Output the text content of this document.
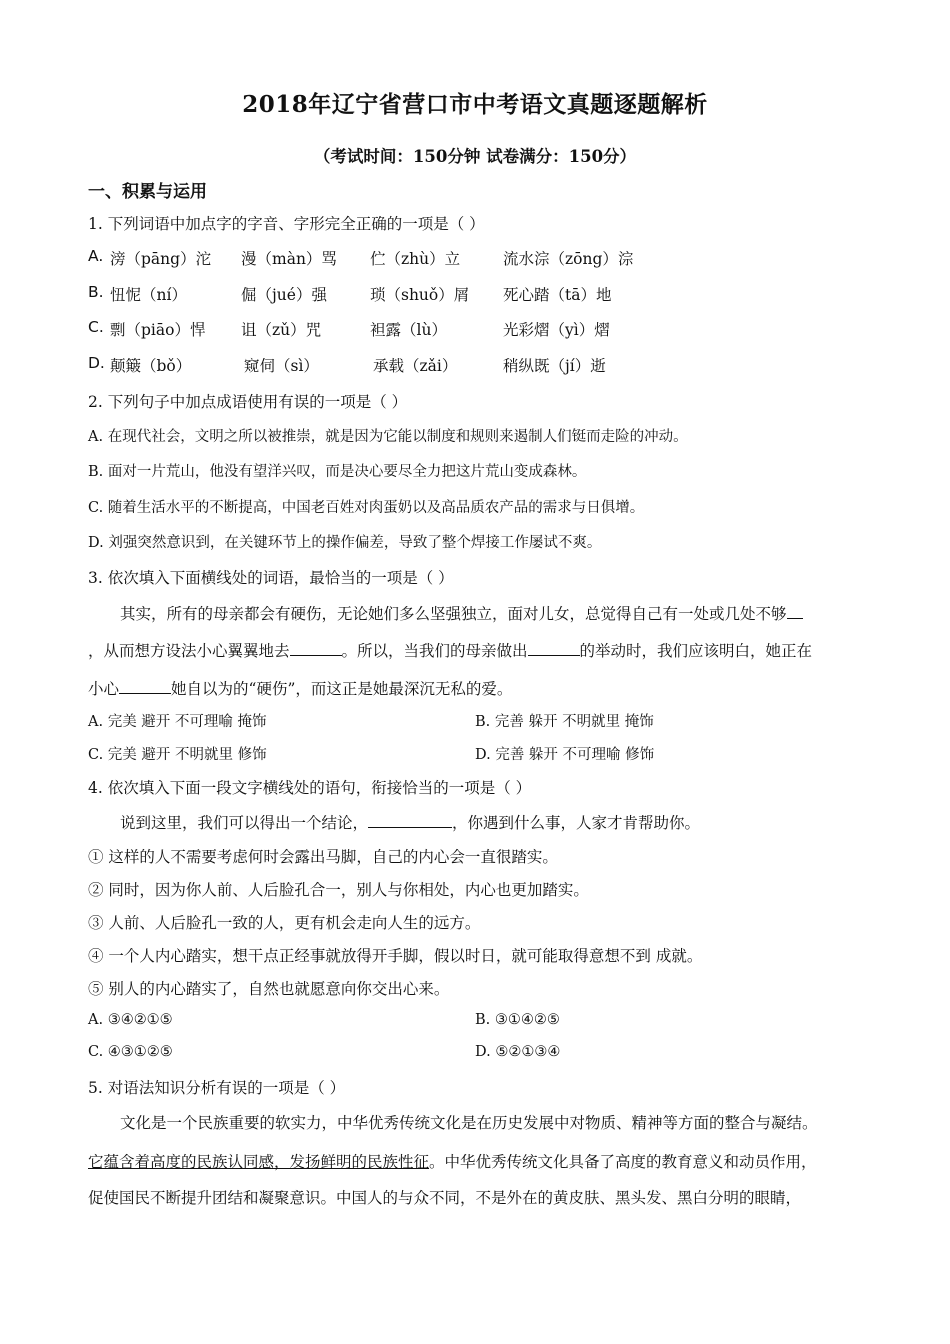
2018年辽宁省营口市中考语文真题逐题解析
（考试时间：150分钟 试卷满分：150分）
一、积累与运用
1. 下列词语中加点字的字音、字形完全正确的一项是（ ）
A. 滂（pāng）沱 漫（màn）骂 伫（zhù）立	流水淙（zōng）淙
B. 忸怩（ní）	倔（jué）强	琐（shuǒ）屑 死心踏（tā）地
C. 剽（piāo）悍 诅（zǔ）咒	袒露（lù）	光彩熠（yì）熠
D. 颠簸（bǒ）	窥伺（sì）	承载（zǎi）	稍纵既（jí）逝
2. 下列句子中加点成语使用有误的一项是（ ）
A. 在现代社会，文明之所以被推崇，就是因为它能以制度和规则来遏制人们铤而走险的冲动。
B. 面对一片荒山，他没有望洋兴叹，而是决心要尽全力把这片荒山变成森林。
C. 随着生活水平的不断提高，中国老百姓对肉蛋奶以及高品质农产品的需求与日俱增。
D. 刘强突然意识到，在关键环节上的操作偏差，导致了整个焊接工作屡试不爽。
3. 依次填入下面横线处的词语，最恰当的一项是（ ）
其实，所有的母亲都会有硬伤，无论她们多么坚强独立，面对儿女，总觉得自己有一处或几处不够
，从而想方设法小心翼翼地去	。所以，当我们的母亲做出	的举动时，我们应该明白，她正在
小心	她自以为的“硬伤”，而这正是她最深沉无私的爱。
A. 完美 避开 不可理喻 掩饰	B. 完善 躲开 不明就里 掩饰
C. 完美 避开 不明就里 修饰	D. 完善 躲开 不可理喻 修饰
4. 依次填入下面一段文字横线处的语句，衔接恰当的一项是（ ）
说到这里，我们可以得出一个结论，	，你遇到什么事，人家才肯帮助你。
① 这样的人不需要考虑何时会露出马脚，自己的内心会一直很踏实。
② 同时，因为你人前、人后脸孔合一，别人与你相处，内心也更加踏实。
③ 人前、人后脸孔一致的人，更有机会走向人生的远方。
④ 一个人内心踏实，想干点正经事就放得开手脚，假以时日，就可能取得意想不到 成就。
⑤ 别人的内心踏实了，自然也就愿意向你交出心来。
A. ③④②①⑤	B. ③①④②⑤
C. ④③①②⑤	D. ⑤②①③④
5. 对语法知识分析有误的一项是（ ）
文化是一个民族重要的软实力，中华优秀传统文化是在历史发展中对物质、精神等方面的整合与凝结。
它蕴含着高度的民族认同感，发扬鲜明的民族性征。中华优秀传统文化具备了高度的教育意义和动员作用，
促使国民不断提升团结和凝聚意识。中国人的与众不同，不是外在的黄皮肤、黑头发、黑白分明的眼睛，
